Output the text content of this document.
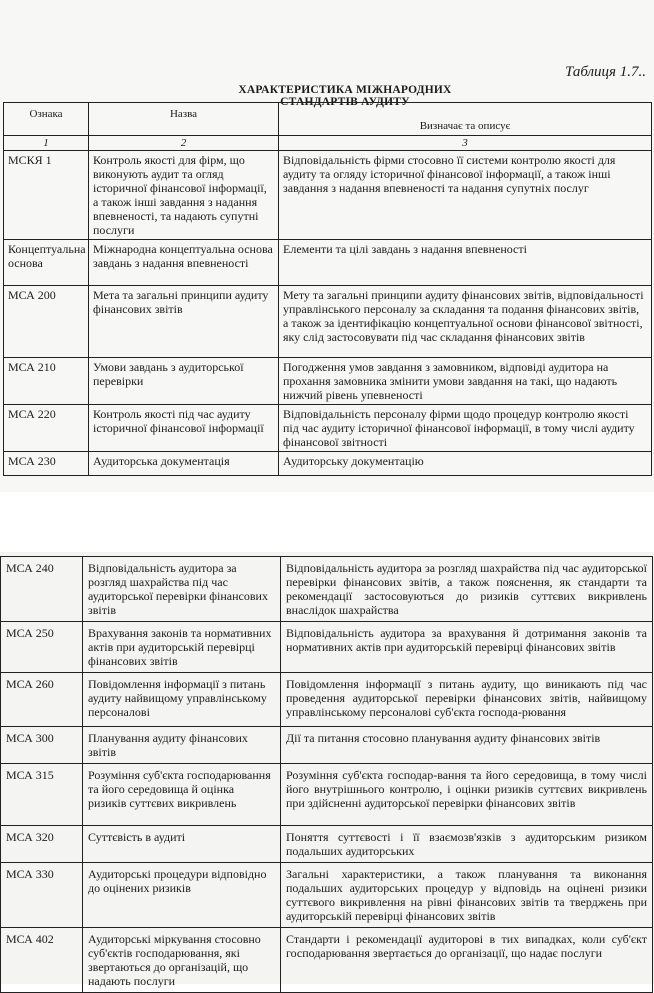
Таблиця 1.7..
ХАРАКТЕРИСТИКА МІЖНАРОДНИХ
СТАНДАРТІВ АУДИТУ
Ознака	Назва	Визначає та описує
1	2	3
МСКЯ 1	Контроль якості для фірм, що виконують аудит та огляд історичної фінансової інформації, а також інші завдання з надання впевненості, та надають супутні послуги	Відповідальність фірми стосовно її системи контролю якості для аудиту та огляду історичної фінансової інформації, а також інші завдання з надання впевненості та надання супутніх послуг
Концептуальна основа	Міжнародна концептуальна основа завдань з надання впевненості	Елементи та цілі завдань з надання впевненості
МСА 200	Мета та загальні принципи аудиту фінансових звітів	Мету та загальні принципи аудиту фінансових звітів, відповідальності управлінського персоналу за складання та подання фінансових звітів, а також за ідентифікацію концептуальної основи фінансової звітності, яку слід застосовувати під час складання фінансових звітів
МСА 210	Умови завдань з аудиторської перевірки	Погодження умов завдання з замовником, відповіді аудитора на прохання замовника змінити умови завдання на такі, що надають нижчий рівень упевненості
МСА 220	Контроль якості під час аудиту історичної фінансової інформації	Відповідальність персоналу фірми щодо процедур контролю якості під час аудиту історичної фінансової інформації, в тому числі аудиту фінансової звітності
МСА 230	Аудиторська документація	Аудиторську документацію
МСА 240	Відповідальність аудитора за розгляд шахрайства під час аудиторської перевірки фінансових звітів	Відповідальність аудитора за розгляд шахрайства під час аудиторської перевірки фінансових звітів, а також пояснення, як стандарти та рекомендації застосовуються до ризиків суттєвих викривлень внаслідок шахрайства
МСА 250	Врахування законів та нормативних актів при аудиторській перевірці фінансових звітів	Відповідальність аудитора за врахування й дотримання законів та нормативних актів при аудиторській перевірці фінансових звітів
МСА 260	Повідомлення інформації з питань аудиту найвищому управлінському персоналові	Повідомлення інформації з питань аудиту, що виникають під час проведення аудиторської перевірки фінансових звітів, найвищому управлінському персоналові суб'єкта господа-рювання
МСА 300	Планування аудиту фінансових звітів	Дії та питання стосовно планування аудиту фінансових звітів
МСА 315	Розуміння суб'єкта господарювання та його середовища й оцінка ризиків суттєвих викривлень	Розуміння суб'єкта господар-вання та його середовища, в тому числі його внутрішнього контролю, і оцінки ризиків суттєвих викривлень при здійсненні аудиторської перевірки фінансових звітів
МСА 320	Суттєвість в аудиті	Поняття суттєвості і її взаємозв'язків з аудиторським ризиком подальших аудиторських
МСА 330	Аудиторські процедури відповідно до оцінених ризиків	Загальні характеристики, а також планування та виконання подальших аудиторських процедур у відповідь на оцінені ризики суттєвого викривлення на рівні фінансових звітів та тверджень при аудиторській перевірці фінансових звітів
МСА 402	Аудиторські міркування стосовно суб'єктів господарювання, які звертаються до організацій, що надають послуги	Стандарти і рекомендації аудиторові в тих випадках, коли суб'єкт господарювання звертається до організації, що надає послуги
